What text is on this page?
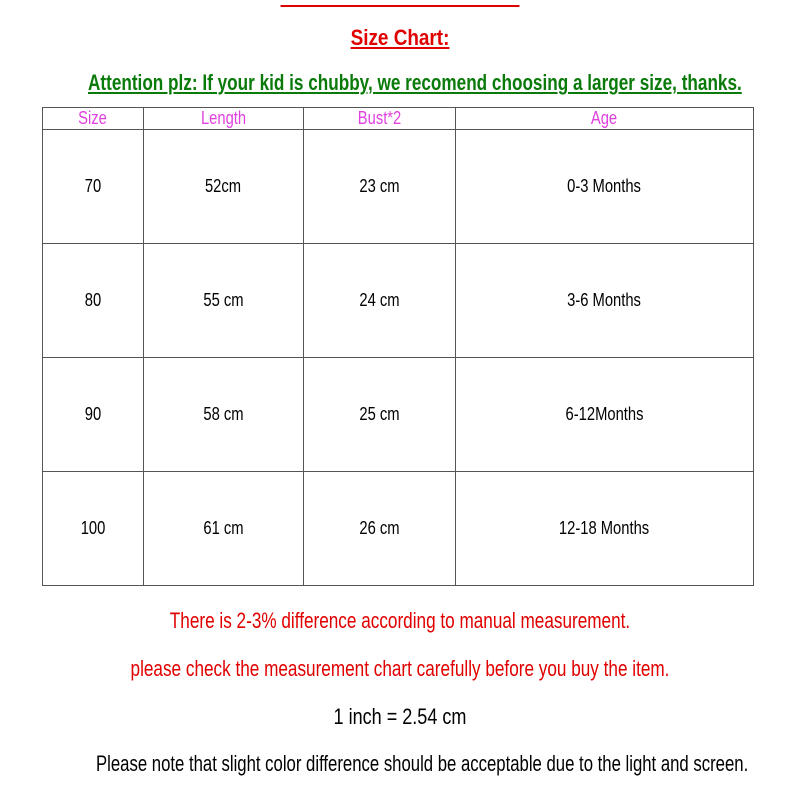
Size Chart:
Attention plz: If your kid is chubby, we recomend choosing a larger size, thanks.
Size	Length	Bust*2	Age
70	52cm	23 cm	0-3 Months
80	55 cm	24 cm	3-6 Months
90	58 cm	25 cm	6-12Months
100	61 cm	26 cm	12-18 Months
There is 2-3% difference according to manual measurement.
please check the measurement chart carefully before you buy the item.
1 inch = 2.54 cm
Please note that slight color difference should be acceptable due to the light and screen.
